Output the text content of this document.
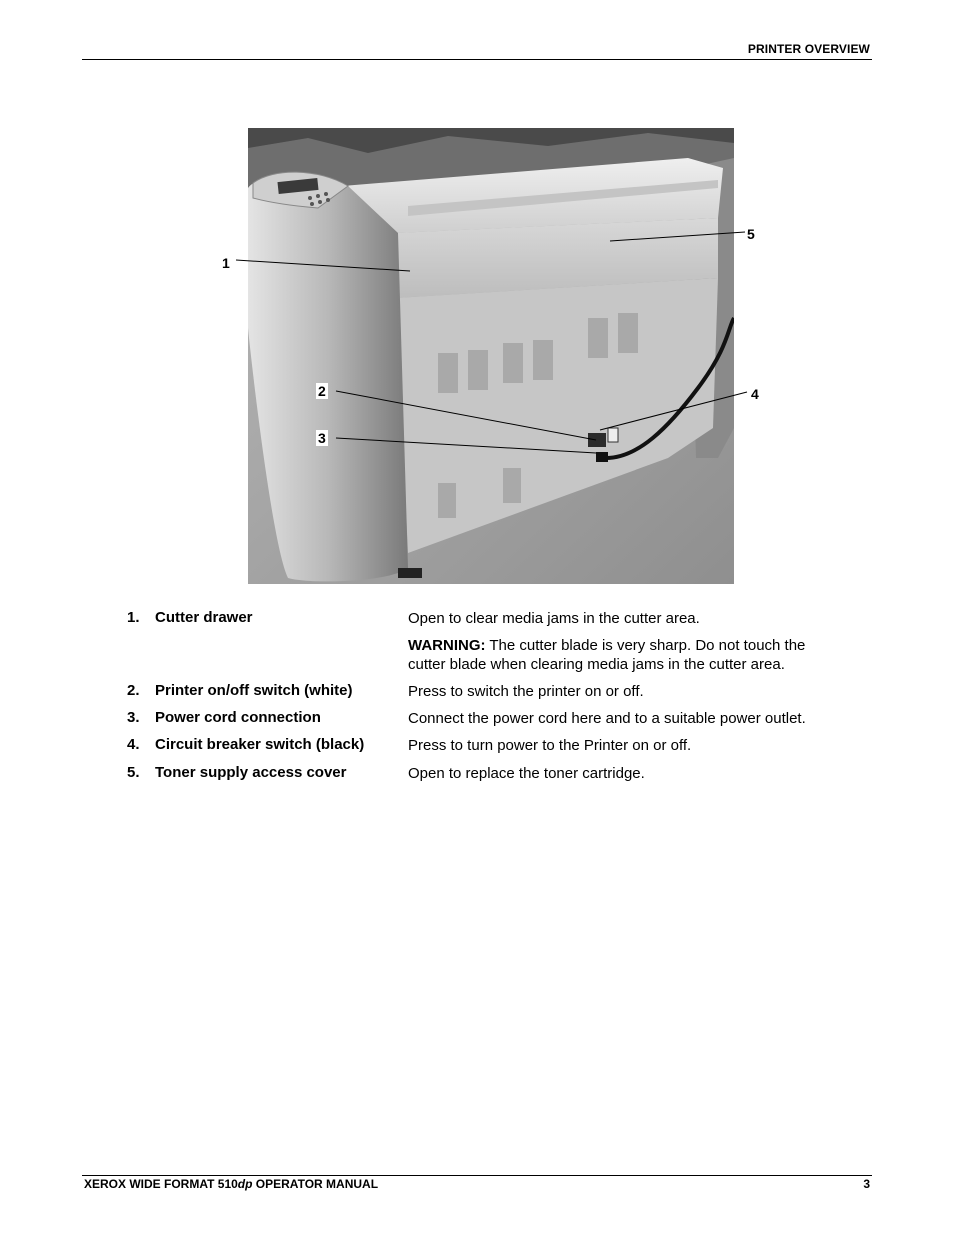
PRINTER OVERVIEW
1
2
3
4
5
1.	Cutter drawer	Open to clear media jams in the cutter area.

WARNING: The cutter blade is very sharp. Do not touch the cutter blade when clearing media jams in the cutter area.

2.	Printer on/off switch (white)	Press to switch the printer on or off.

3.	Power cord connection	Connect the power cord here and to a suitable power outlet.

4.	Circuit breaker switch (black)	Press to turn power to the Printer on or off.

5.	Toner supply access cover	Open to replace the toner cartridge.

XEROX WIDE FORMAT 510dp OPERATOR MANUAL	3
